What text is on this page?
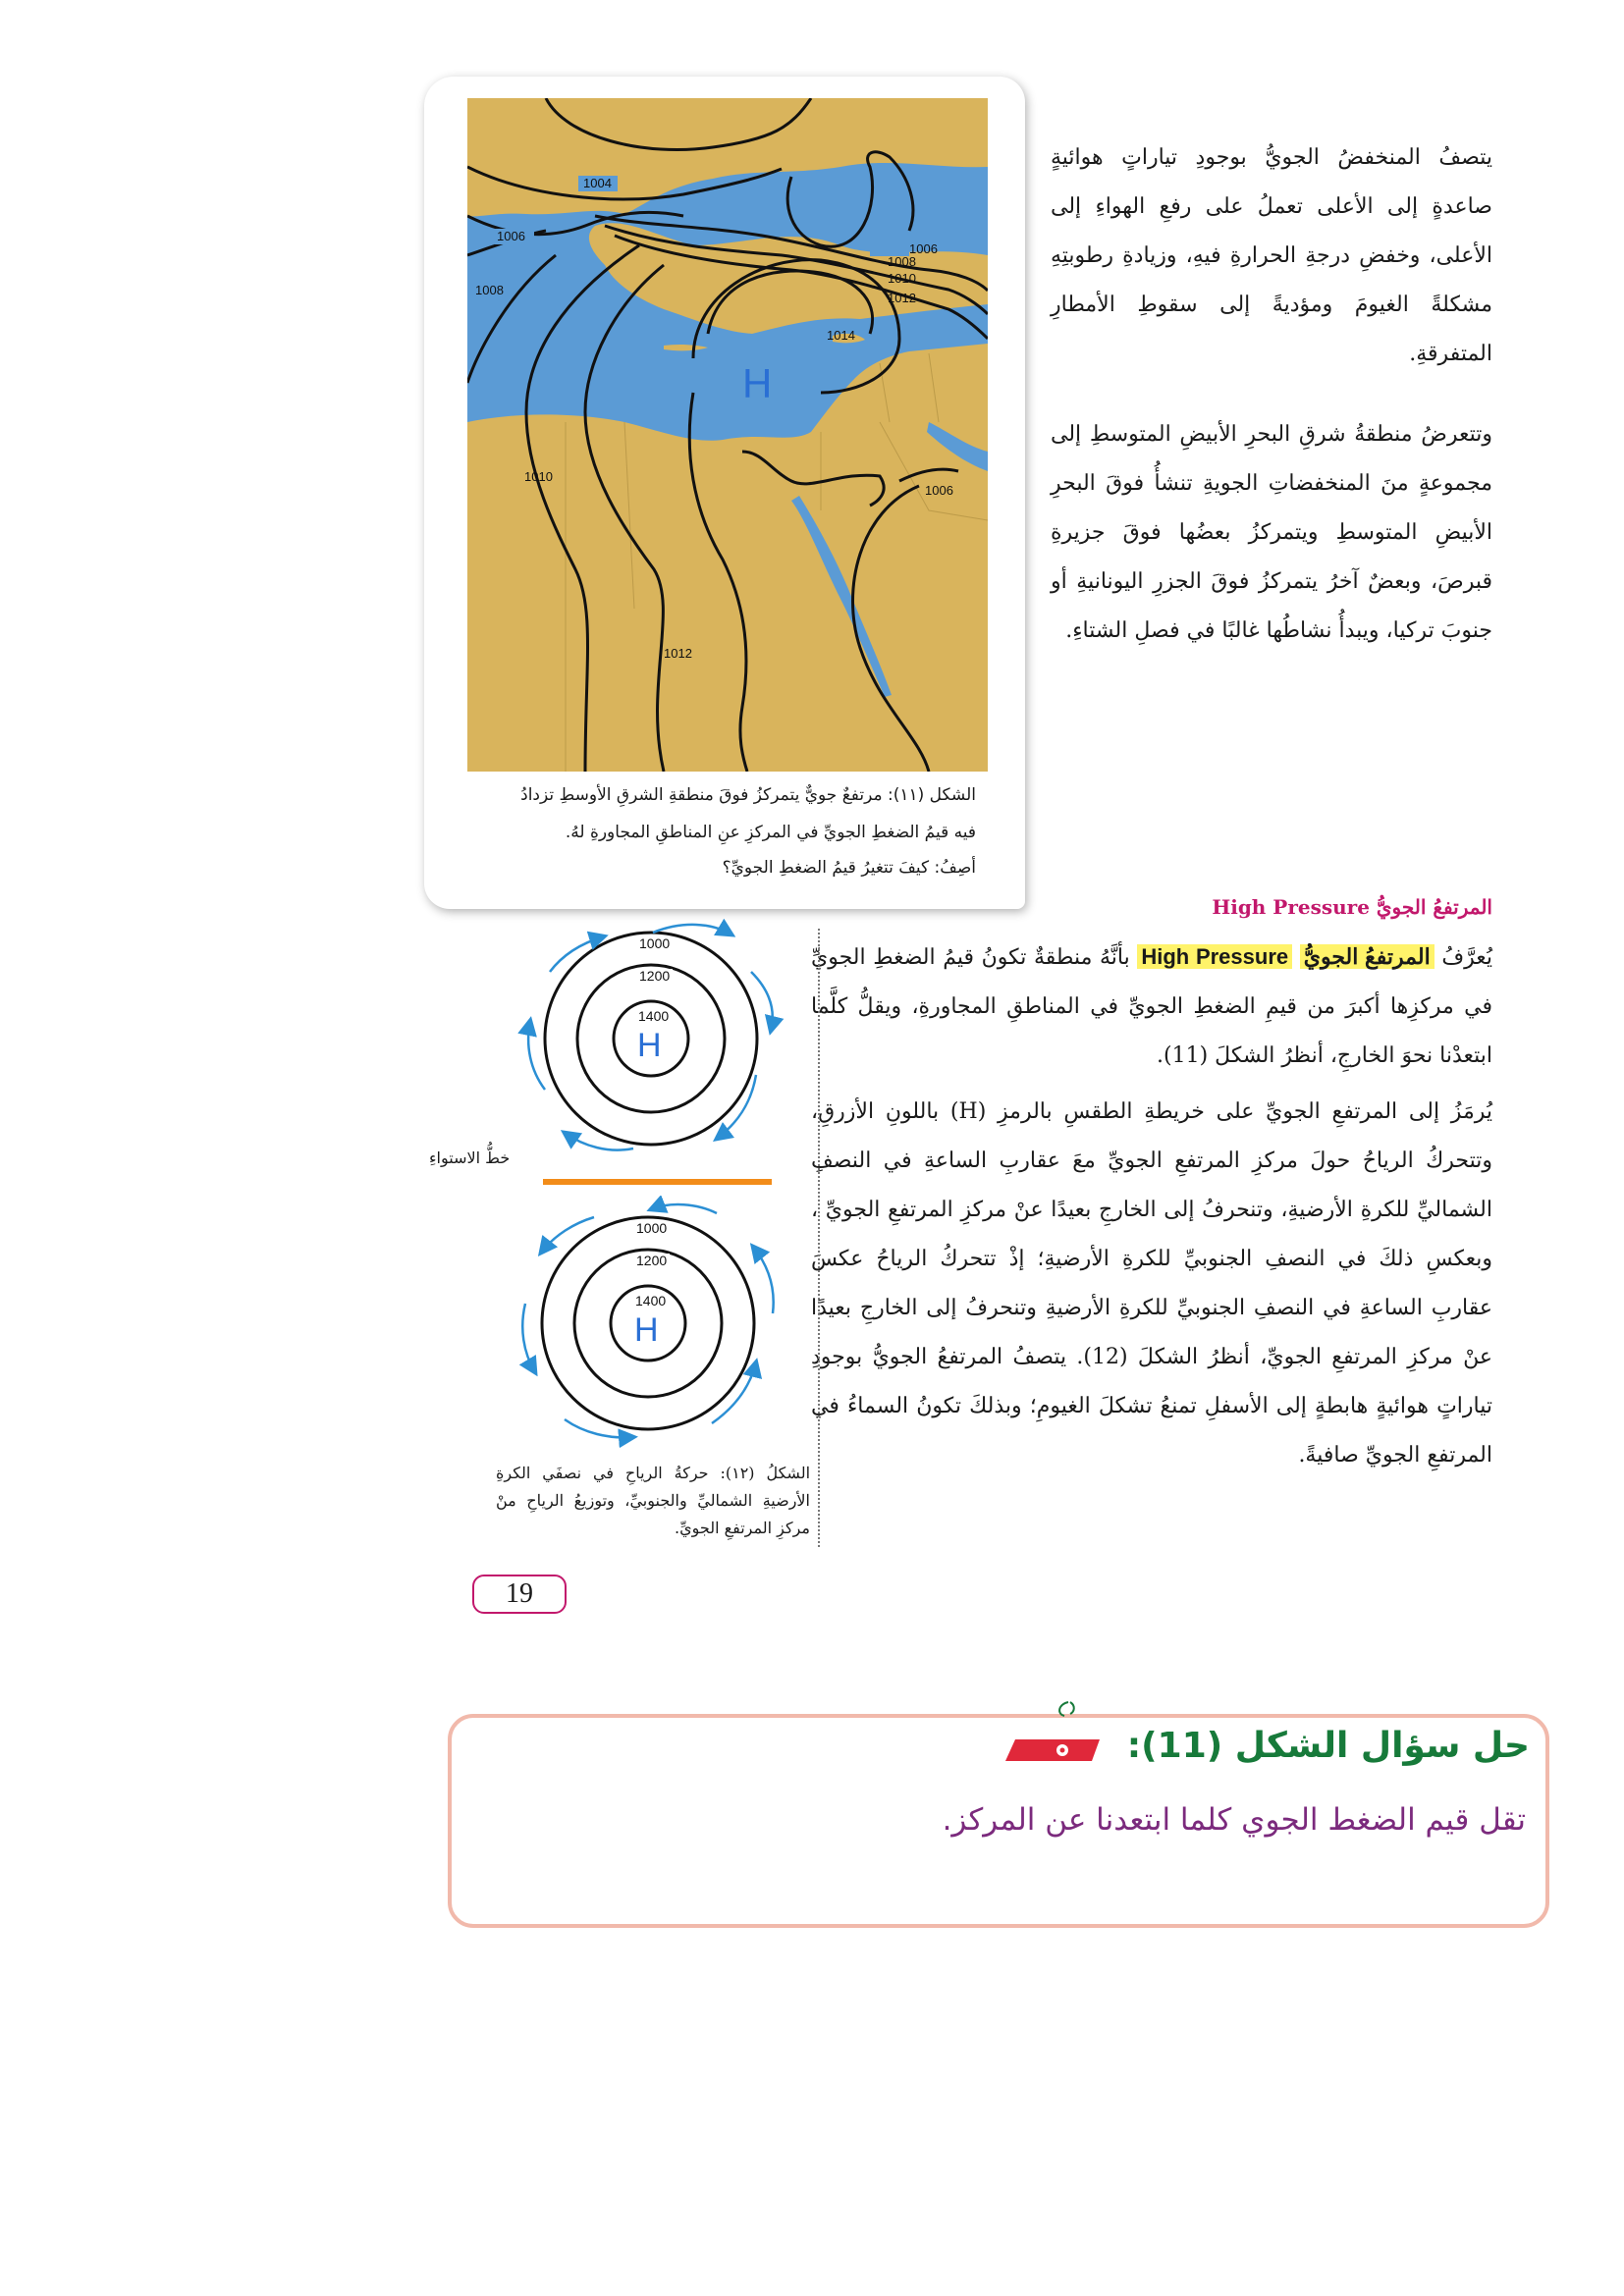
1004
1006
1006
1008
1010
1012
1014
1010
1006
1012
1008
H
الشكل (١١): مرتفعٌ جويٌّ يتمركزُ فوقَ منطقةِ الشرقِ الأوسطِ تزدادُ
فيه قيمُ الضغطِ الجويِّ في المركزِ عنِ المناطقِ المجاورةِ لهُ.
أصِفُ: كيفَ تتغيرُ قيمُ الضغطِ الجويِّ؟
يتصفُ المنخفضُ الجويُّ بوجودِ تياراتٍ هوائيةٍ صاعدةٍ إلى الأعلى تعملُ على رفعِ الهواءِ إلى الأعلى، وخفضِ درجةِ الحرارةِ فيهِ، وزيادةِ رطوبتِهِ مشكلةً الغيومَ ومؤديةً إلى سقوطِ الأمطارِ المتفرقةِ.
وتتعرضُ منطقةُ شرقِ البحرِ الأبيضِ المتوسطِ إلى مجموعةٍ منَ المنخفضاتِ الجويةِ تنشأُ فوقَ البحرِ الأبيضِ المتوسطِ ويتمركزُ بعضُها فوقَ جزيرةِ قبرصَ، وبعضٌ آخرُ يتمركزُ فوقَ الجزرِ اليونانيةِ أو جنوبَ تركيا، ويبدأُ نشاطُها غالبًا في فصلِ الشتاءِ.
المرتفعُ الجويُّ High Pressure
يُعرَّفُ المرتفعُ الجويُّ High Pressure بأنَّهُ منطقةٌ تكونُ قيمُ الضغطِ الجويِّ في مركزِها أكبرَ من قيمِ الضغطِ الجويِّ في المناطقِ المجاورةِ، ويقلُّ كلَّما ابتعدْنا نحوَ الخارجِ، أنظرُ الشكلَ (11).
يُرمَزُ إلى المرتفعِ الجويِّ على خريطةِ الطقسِ بالرمزِ (H) باللونِ الأزرقِ، وتتحركُ الرياحُ حولَ مركزِ المرتفعِ الجويِّ معَ عقاربِ الساعةِ في النصفِ الشماليِّ للكرةِ الأرضيةِ، وتنحرفُ إلى الخارجِ بعيدًا عنْ مركزِ المرتفعِ الجويِّ ، وبعكسِ ذلكَ في النصفِ الجنوبيِّ للكرةِ الأرضيةِ؛ إذْ تتحركُ الرياحُ عكسَ عقاربِ الساعةِ في النصفِ الجنوبيِّ للكرةِ الأرضيةِ وتنحرفُ إلى الخارجِ بعيدًا عنْ مركزِ المرتفعِ الجويِّ، أنظرُ الشكلَ (12). يتصفُ المرتفعُ الجويُّ بوجودِ تياراتٍ هوائيةٍ هابطةٍ إلى الأسفلِ تمنعُ تشكلَ الغيومِ؛ وبذلكَ تكونُ السماءُ في المرتفعِ الجويِّ صافيةً.
1000
1200
1400
H
خطُّ الاستواءِ
1000
1200
1400
H
الشكلُ (١٢): حركةُ الرياحِ في نصفَي الكرةِ الأرضيةِ الشماليِّ والجنوبيِّ، وتوزيعُ الرياحِ منْ مركزِ المرتفعِ الجويِّ.
19
حل سؤال الشكل (11):
تقل قيم الضغط الجوي كلما ابتعدنا عن المركز.
